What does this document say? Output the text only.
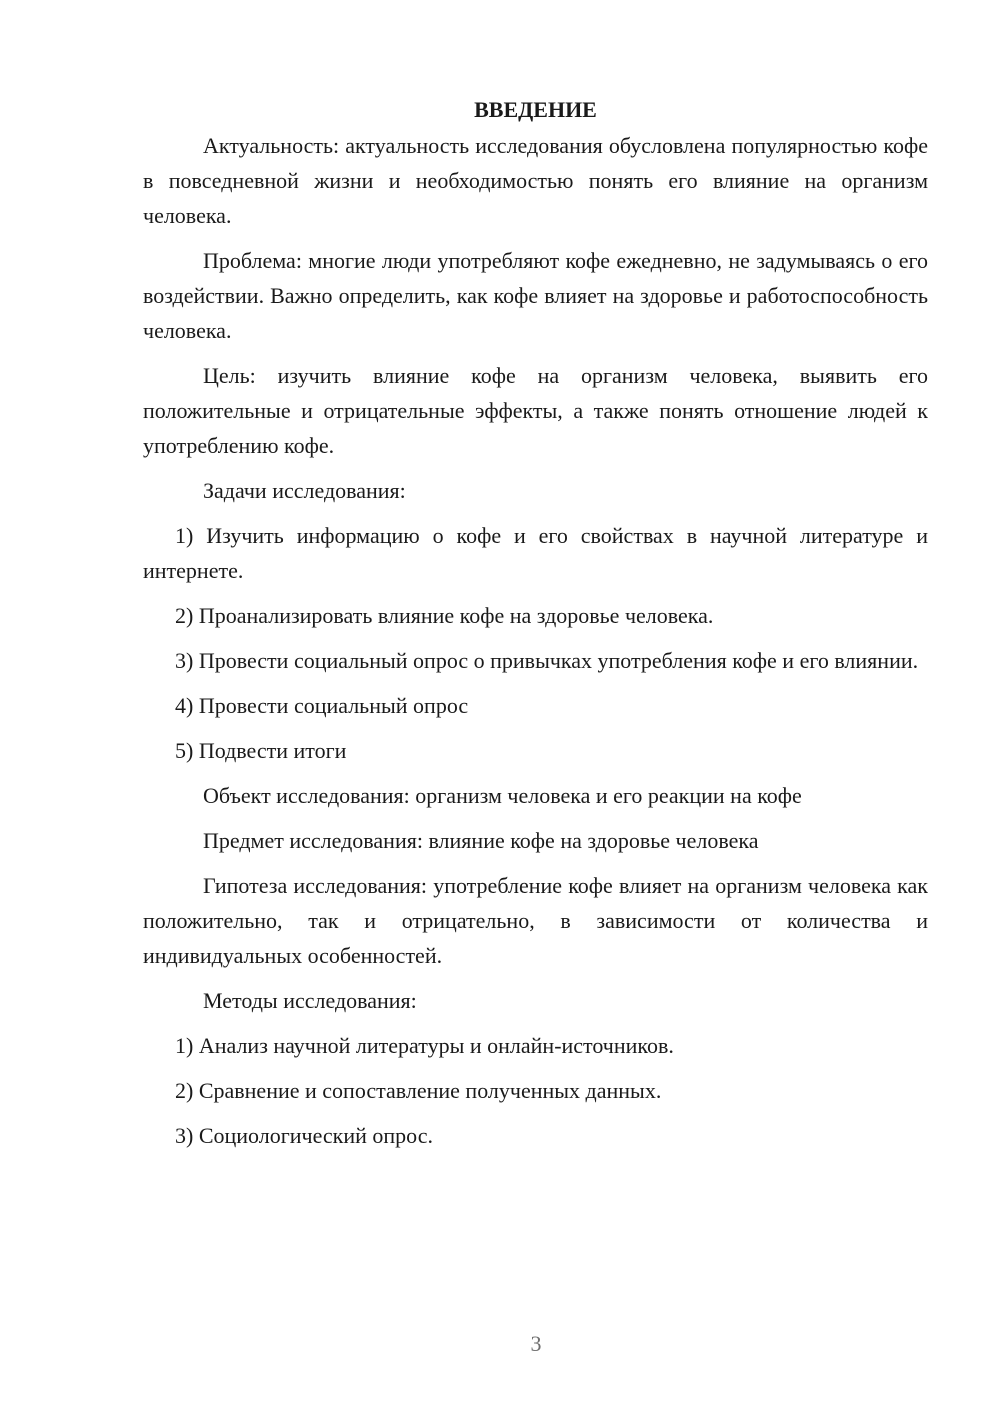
ВВЕДЕНИЕ

Актуальность: актуальность исследования обусловлена популярностью кофе в повседневной жизни и необходимостью понять его влияние на организм человека.

Проблема: многие люди употребляют кофе ежедневно, не задумываясь о его воздействии. Важно определить, как кофе влияет на здоровье и работоспособность человека.

Цель: изучить влияние кофе на организм человека, выявить его положительные и отрицательные эффекты, а также понять отношение людей к употреблению кофе.

Задачи исследования:

1) Изучить информацию о кофе и его свойствах в научной литературе и интернете.

2) Проанализировать влияние кофе на здоровье человека.

3) Провести социальный опрос о привычках употребления кофе и его влиянии.

4) Провести социальный опрос

5) Подвести итоги

Объект исследования: организм человека и его реакции на кофе

Предмет исследования: влияние кофе на здоровье человека

Гипотеза исследования: употребление кофе влияет на организм человека как положительно, так и отрицательно, в зависимости от количества и индивидуальных особенностей.

Методы исследования:

1) Анализ научной литературы и онлайн-источников.

2) Сравнение и сопоставление полученных данных.

3) Социологический опрос.

3
